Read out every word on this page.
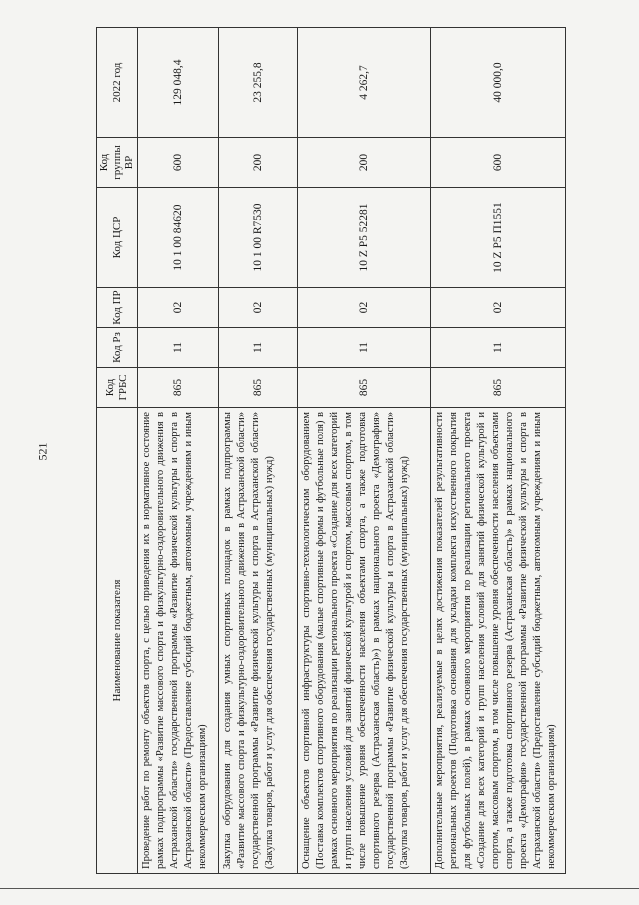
521
Наименование показателя	Код ГРБС	Код Рз	Код ПР	Код ЦСР	Код группы ВР	2022 год
Проведение работ по ремонту объектов спорта, с целью приведения их в нормативное состояние рамках подпрограммы «Развитие массового спорта и физкультурно-оздоровительного движения в Астраханской области» государственной программы «Развитие физической культуры и спорта в Астраханской области» (Предоставление субсидий бюджетным, автономным учреждениям и иным некоммерческим организациям)	865	11	02	10 1 00 84620	600	129 048,4
Закупка оборудования для создания умных спортивных площадок в рамках подпрограммы «Развитие массового спорта и физкультурно-оздоровительного движения в Астраханской области» государственной программы «Развитие физической культуры и спорта в Астраханской области» (Закупка товаров, работ и услуг для обеспечения государственных (муниципальных) нужд)	865	11	02	10 1 00 R7530	200	23 255,8
Оснащение объектов спортивной инфраструктуры спортивно-технологическим оборудованием (Поставка комплектов спортивного оборудования (малые спортивные формы и футбольные поля) в рамках основного мероприятия по реализации регионального проекта «Создание для всех категорий и групп населения условий для занятий физической культурой и спортом, массовым спортом, в том числе повышение уровня обеспеченности населения объектами спорта, а также подготовка спортивного резерва (Астраханская область)») в рамках национального проекта «Демография» государственной программы «Развитие физической культуры и спорта в Астраханской области» (Закупка товаров, работ и услуг для обеспечения государственных (муниципальных) нужд)	865	11	02	10 Z P5 52281	200	4 262,7
Дополнительные мероприятия, реализуемые в целях достижения показателей результативности региональных проектов (Подготовка основания для укладки комплекта искусственного покрытия для футбольных полей), в рамках основного мероприятия по реализации регионального проекта «Создание для всех категорий и групп населения условий для занятий физической культурой и спортом, массовым спортом, в том числе повышение уровня обеспеченности населения объектами спорта, а также подготовка спортивного резерва (Астраханская область)» в рамках национального проекта «Демография» государственной программы «Развитие физической культуры и спорта в Астраханской области» (Предоставление субсидий бюджетным, автономным учреждениям и иным некоммерческим организациям)	865	11	02	10 Z P5 П1551	600	40 000,0
